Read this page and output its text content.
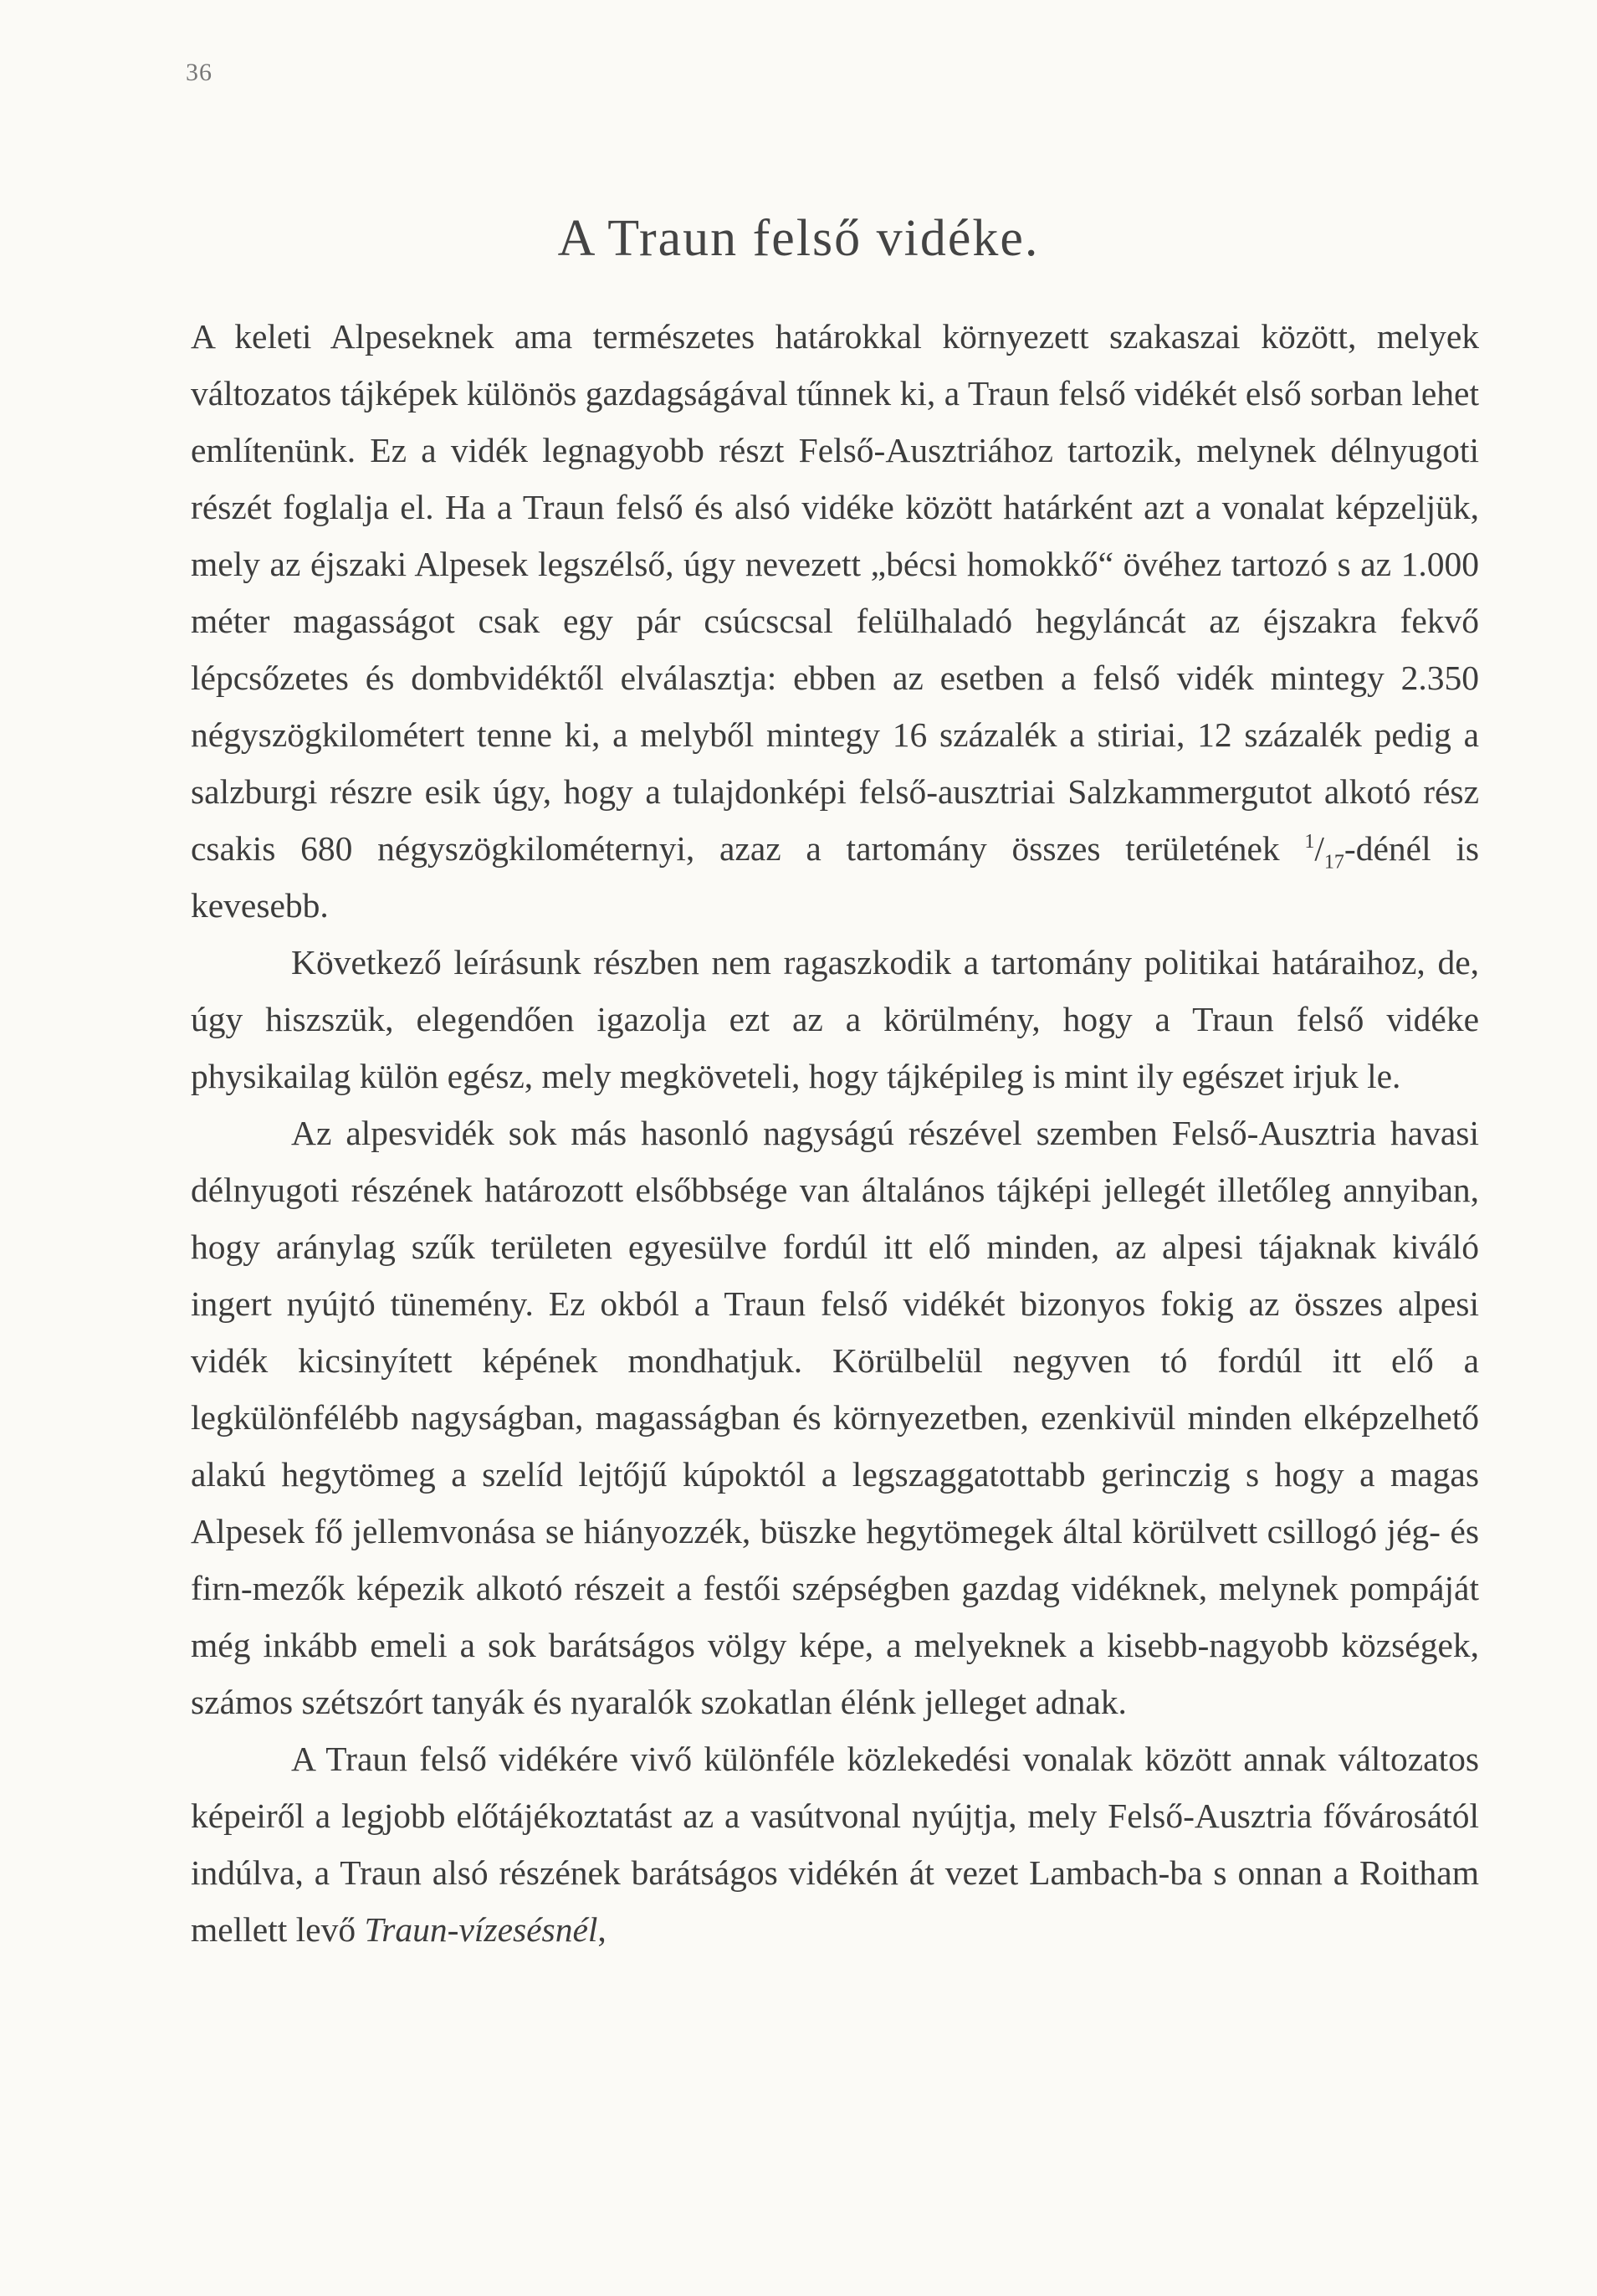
36
A Traun felső vidéke.

A keleti Alpeseknek ama természetes határokkal környezett szakaszai között, melyek változatos tájképek különös gazdagságával tűnnek ki, a Traun felső vidékét első sorban lehet említenünk. Ez a vidék legnagyobb részt Felső-Ausztriához tartozik, melynek délnyugoti részét foglalja el. Ha a Traun felső és alsó vidéke között határként azt a vonalat képzeljük, mely az éjszaki Alpesek legszélső, úgy nevezett „bécsi homokkő“ övéhez tartozó s az 1.000 méter magasságot csak egy pár csúcscsal felülhaladó hegyláncát az éjszakra fekvő lépcsőzetes és dombvidéktől elválasztja: ebben az esetben a felső vidék mintegy 2.350 négyszögkilométert tenne ki, a melyből mintegy 16 százalék a stiriai, 12 százalék pedig a salzburgi részre esik úgy, hogy a tulajdonképi felső-ausztriai Salzkammergutot alkotó rész csakis 680 négyszögkilométernyi, azaz a tartomány összes területének $^1/_{17}$-dénél is kevesebb.

Következő leírásunk részben nem ragaszkodik a tartomány politikai határaihoz, de, úgy hiszszük, elegendően igazolja ezt az a körülmény, hogy a Traun felső vidéke physikailag külön egész, mely megköveteli, hogy tájképileg is mint ily egészet irjuk le.

Az alpesvidék sok más hasonló nagyságú részével szemben Felső-Ausztria havasi délnyugoti részének határozott elsőbbsége van általános tájképi jellegét illetőleg annyiban, hogy aránylag szűk területen egyesülve fordúl itt elő minden, az alpesi tájaknak kiváló ingert nyújtó tünemény. Ez okból a Traun felső vidékét bizonyos fokig az összes alpesi vidék kicsinyített képének mondhatjuk. Körülbelül negyven tó fordúl itt elő a legkülönfélébb nagyságban, magasságban és környezetben, ezenkivül minden elképzelhető alakú hegytömeg a szelíd lejtőjű kúpoktól a legszaggatottabb gerinczig s hogy a magas Alpesek fő jellemvonása se hiányozzék, büszke hegytömegek által körülvett csillogó jég- és firn-mezők képezik alkotó részeit a festői szépségben gazdag vidéknek, melynek pompáját még inkább emeli a sok barátságos völgy képe, a melyeknek a kisebb-nagyobb községek, számos szétszórt tanyák és nyaralók szokatlan élénk jelleget adnak.

A Traun felső vidékére vivő különféle közlekedési vonalak között annak változatos képeiről a legjobb előtájékoztatást az a vasútvonal nyújtja, mely Felső-Ausztria fővárosától indúlva, a Traun alsó részének barátságos vidékén át vezet Lambach-ba s onnan a Roitham mellett levő Traun-vízesésnél,
